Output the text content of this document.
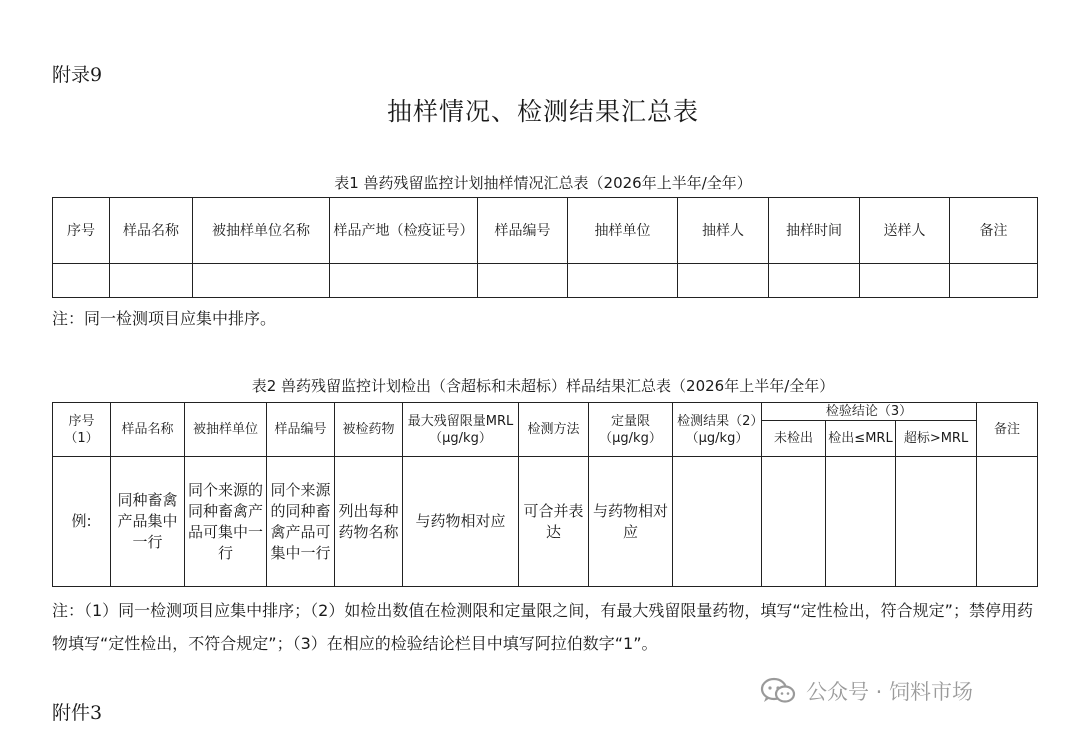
附录9
抽样情况、检测结果汇总表
表1 兽药残留监控计划抽样情况汇总表（2026年上半年/全年）
序号	样品名称	被抽样单位名称	样品产地（检疫证号）	样品编号	抽样单位	抽样人	抽样时间	送样人	备注

注：同一检测项目应集中排序。
表2 兽药残留监控计划检出（含超标和未超标）样品结果汇总表（2026年上半年/全年）
序号（1）	样品名称	被抽样单位	样品编号	被检药物	最大残留限量MRL（μg/kg）	检测方法	定量限（μg/kg）	检测结果（2）（μg/kg）	检验结论（3）			备注
									未检出	检出≤MRL	超标>MRL	
例:	同种畜禽产品集中一行	同个来源的同种畜禽产品可集中一行	同个来源的同种畜禽产品可集中一行	列出每种药物名称	与药物相对应	可合并表达	与药物相对应					
注：（1）同一检测项目应集中排序；（2）如检出数值在检测限和定量限之间，有最大残留限量药物，填写“定性检出，符合规定”；禁停用药物填写“定性检出，不符合规定”；（3）在相应的检验结论栏目中填写阿拉伯数字“1”。
附件3
公众号 · 饲料市场
